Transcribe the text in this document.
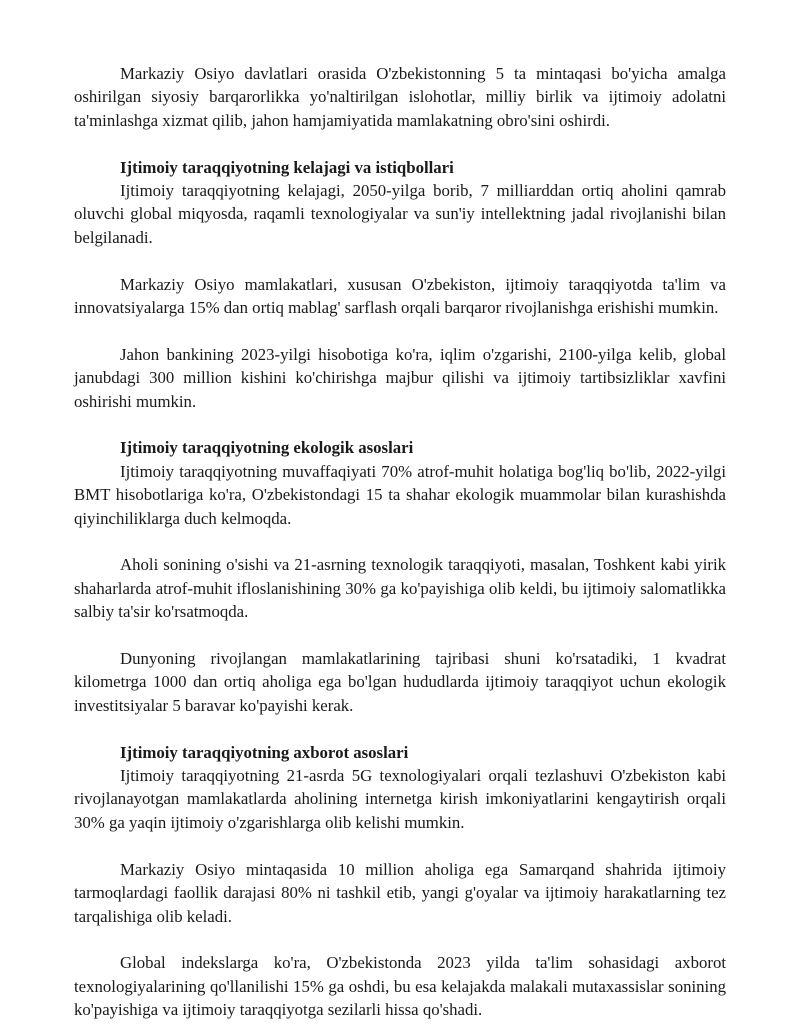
Markaziy Osiyo davlatlari orasida O'zbekistonning 5 ta mintaqasi bo'yicha amalga oshirilgan siyosiy barqarorlikka yo'naltirilgan islohotlar, milliy birlik va ijtimoiy adolatni ta'minlashga xizmat qilib, jahon hamjamiyatida mamlakatning obro'sini oshirdi.

Ijtimoiy taraqqiyotning kelajagi va istiqbollari

Ijtimoiy taraqqiyotning kelajagi, 2050-yilga borib, 7 milliarddan ortiq aholini qamrab oluvchi global miqyosda, raqamli texnologiyalar va sun'iy intellektning jadal rivojlanishi bilan belgilanadi.

Markaziy Osiyo mamlakatlari, xususan O'zbekiston, ijtimoiy taraqqiyotda ta'lim va innovatsiyalarga 15% dan ortiq mablag' sarflash orqali barqaror rivojlanishga erishishi mumkin.

Jahon bankining 2023-yilgi hisobotiga ko'ra, iqlim o'zgarishi, 2100-yilga kelib, global janubdagi 300 million kishini ko'chirishga majbur qilishi va ijtimoiy tartibsizliklar xavfini oshirishi mumkin.

Ijtimoiy taraqqiyotning ekologik asoslari

Ijtimoiy taraqqiyotning muvaffaqiyati 70% atrof-muhit holatiga bog'liq bo'lib, 2022-yilgi BMT hisobotlariga ko'ra, O'zbekistondagi 15 ta shahar ekologik muammolar bilan kurashishda qiyinchiliklarga duch kelmoqda.

Aholi sonining o'sishi va 21-asrning texnologik taraqqiyoti, masalan, Toshkent kabi yirik shaharlarda atrof-muhit ifloslanishining 30% ga ko'payishiga olib keldi, bu ijtimoiy salomatlikka salbiy ta'sir ko'rsatmoqda.

Dunyoning rivojlangan mamlakatlarining tajribasi shuni ko'rsatadiki, 1 kvadrat kilometrga 1000 dan ortiq aholiga ega bo'lgan hududlarda ijtimoiy taraqqiyot uchun ekologik investitsiyalar 5 baravar ko'payishi kerak.

Ijtimoiy taraqqiyotning axborot asoslari

Ijtimoiy taraqqiyotning 21-asrda 5G texnologiyalari orqali tezlashuvi O'zbekiston kabi rivojlanayotgan mamlakatlarda aholining internetga kirish imkoniyatlarini kengaytirish orqali 30% ga yaqin ijtimoiy o'zgarishlarga olib kelishi mumkin.

Markaziy Osiyo mintaqasida 10 million aholiga ega Samarqand shahrida ijtimoiy tarmoqlardagi faollik darajasi 80% ni tashkil etib, yangi g'oyalar va ijtimoiy harakatlarning tez tarqalishiga olib keladi.

Global indekslarga ko'ra, O'zbekistonda 2023 yilda ta'lim sohasidagi axborot texnologiyalarining qo'llanilishi 15% ga oshdi, bu esa kelajakda malakali mutaxassislar sonining ko'payishiga va ijtimoiy taraqqiyotga sezilarli hissa qo'shadi.
